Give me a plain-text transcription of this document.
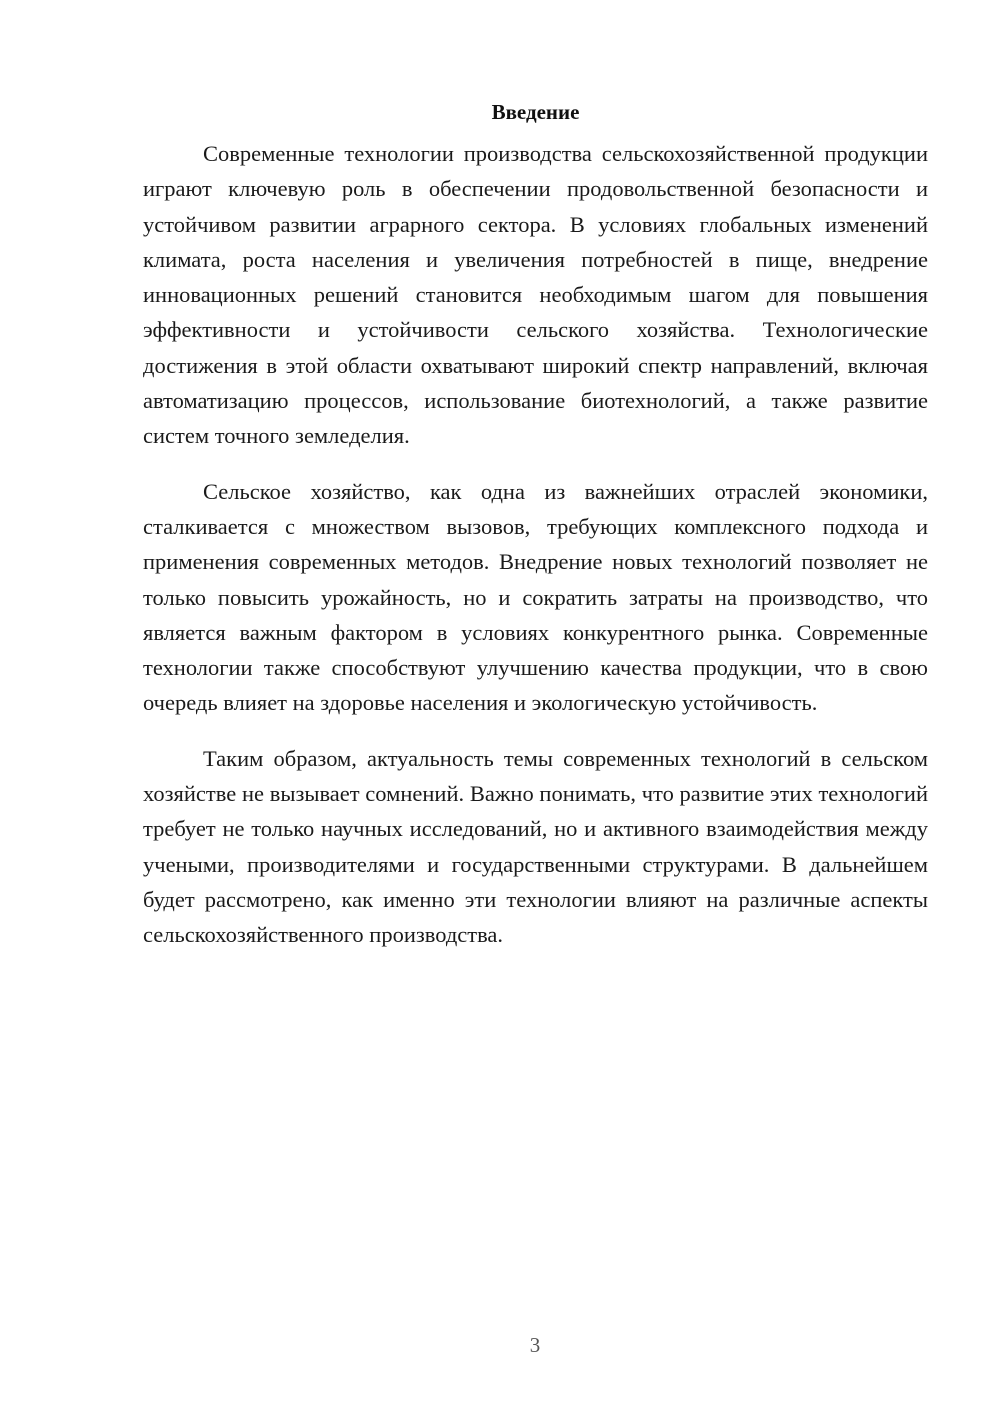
Введение

Современные технологии производства сельскохозяйственной продукции играют ключевую роль в обеспечении продовольственной безопасности и устойчивом развитии аграрного сектора. В условиях глобальных изменений климата, роста населения и увеличения потребностей в пище, внедрение инновационных решений становится необходимым шагом для повышения эффективности и устойчивости сельского хозяйства. Технологические достижения в этой области охватывают широкий спектр направлений, включая автоматизацию процессов, использование биотехнологий, а также развитие систем точного земледелия.

Сельское хозяйство, как одна из важнейших отраслей экономики, сталкивается с множеством вызовов, требующих комплексного подхода и применения современных методов. Внедрение новых технологий позволяет не только повысить урожайность, но и сократить затраты на производство, что является важным фактором в условиях конкурентного рынка. Современные технологии также способствуют улучшению качества продукции, что в свою очередь влияет на здоровье населения и экологическую устойчивость.

Таким образом, актуальность темы современных технологий в сельском хозяйстве не вызывает сомнений. Важно понимать, что развитие этих технологий требует не только научных исследований, но и активного взаимодействия между учеными, производителями и государственными структурами. В дальнейшем будет рассмотрено, как именно эти технологии влияют на различные аспекты сельскохозяйственного производства.

3
